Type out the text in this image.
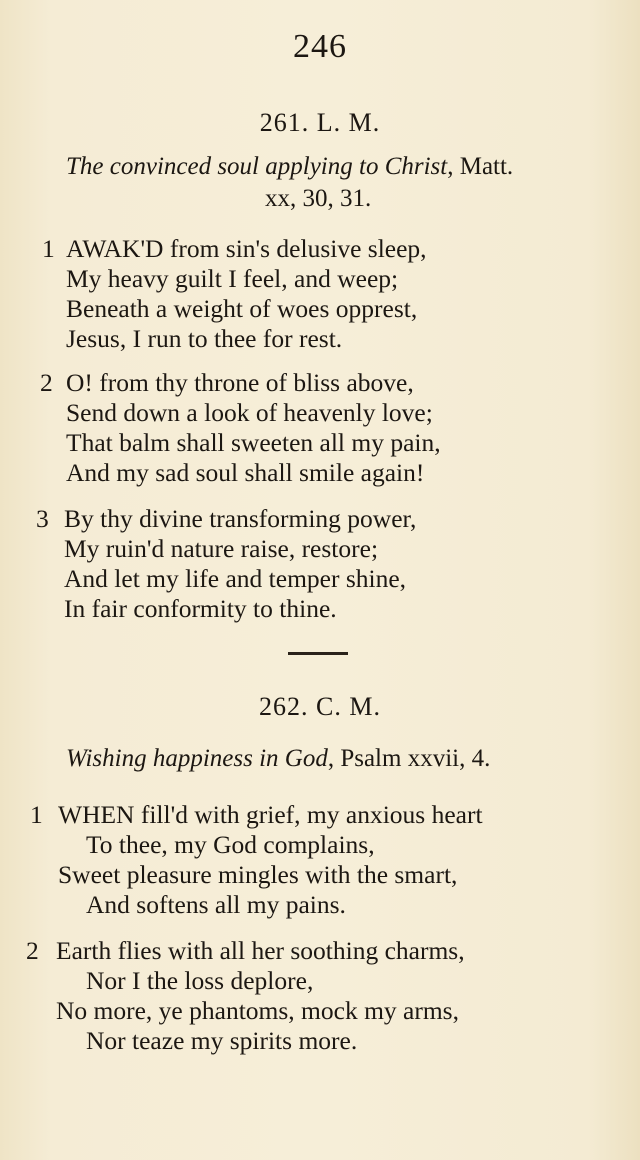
246
261. L. M.
The convinced soul applying to Christ, Matt.
xx, 30, 31.
1 AWAK'D from sin's delusive sleep,
My heavy guilt I feel, and weep;
Beneath a weight of woes opprest,
Jesus, I run to thee for rest.
2 O! from thy throne of bliss above,
Send down a look of heavenly love;
That balm shall sweeten all my pain,
And my sad soul shall smile again!
3 By thy divine transforming power,
My ruin'd nature raise, restore;
And let my life and temper shine,
In fair conformity to thine.
262. C. M.
Wishing happiness in God, Psalm xxvii, 4.
1 WHEN fill'd with grief, my anxious heart
To thee, my God complains,
Sweet pleasure mingles with the smart,
And softens all my pains.
2 Earth flies with all her soothing charms,
Nor I the loss deplore,
No more, ye phantoms, mock my arms,
Nor teaze my spirits more.
